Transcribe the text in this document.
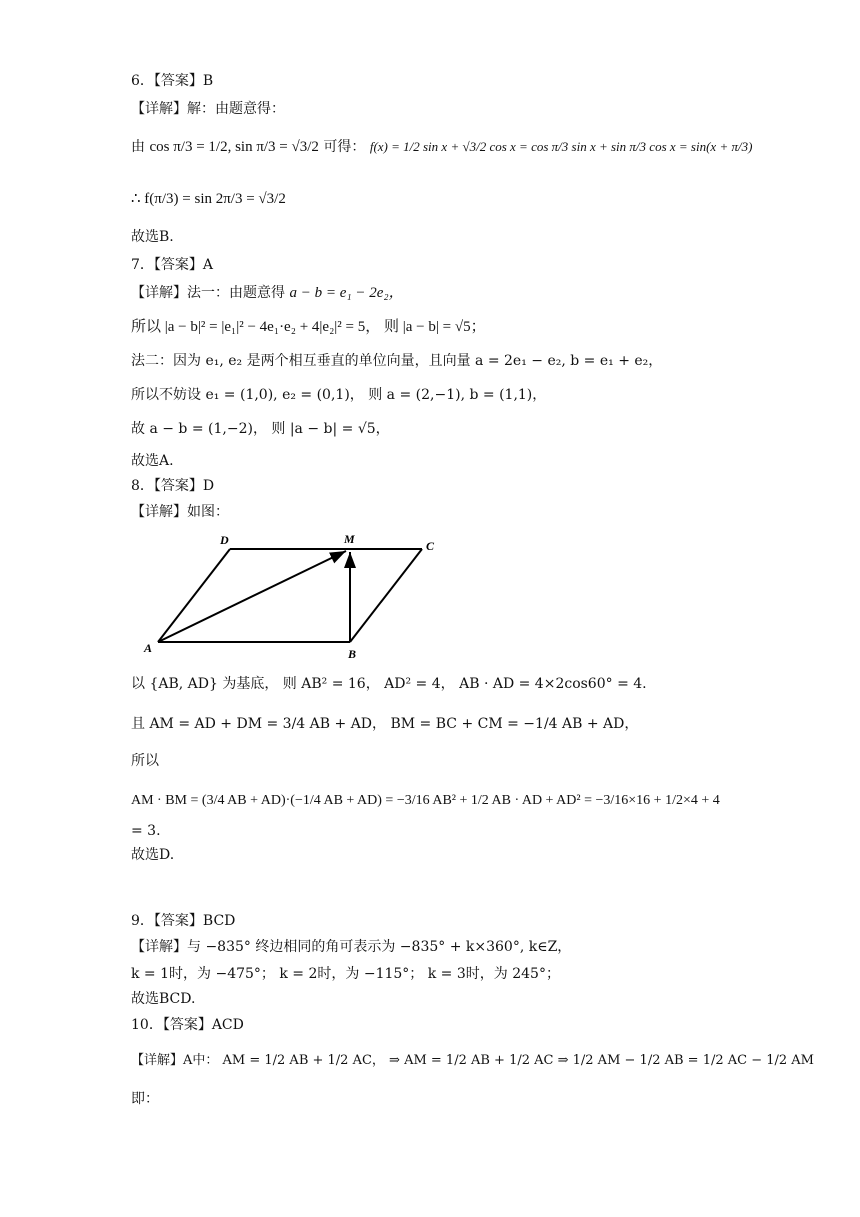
6．【答案】B
【详解】解：由题意得：
由 cos π/3 = 1/2, sin π/3 = √3/2 可得： f(x) = 1/2 sin x + √3/2 cos x = cos π/3 sin x + sin π/3 cos x = sin(x + π/3)
∴ f(π/3) = sin 2π/3 = √3/2
故选B.
7．【答案】A
【详解】法一：由题意得 a − b = e₁ − 2e₂，
所以 |a − b|² = |e₁|² − 4e₁·e₂ + 4|e₂|² = 5， 则 |a − b| = √5；
法二：因为 e₁, e₂ 是两个相互垂直的单位向量，且向量 a = 2e₁ − e₂, b = e₁ + e₂，
所以不妨设 e₁ = (1,0), e₂ = (0,1)， 则 a = (2,−1), b = (1,1)，
故 a − b = (1,−2)， 则 |a − b| = √5，
故选A.
8．【答案】D
【详解】如图：
A	B
C
D	M
以 {AB, AD} 为基底， 则 AB² = 16， AD² = 4， AB · AD = 4×2cos60° = 4.
且 AM = AD + DM = 3/4 AB + AD， BM = BC + CM = −1/4 AB + AD，
所以
AM · BM = (3/4 AB + AD)·(−1/4 AB + AD) = −3/16 AB² + 1/2 AB · AD + AD² = −3/16×16 + 1/2×4 + 4
= 3.
故选D.
9．【答案】BCD
【详解】与 −835° 终边相同的角可表示为 −835° + k×360°, k∈Z，
k = 1时，为 −475°； k = 2时，为 −115°； k = 3时，为 245°；
故选BCD.
10．【答案】ACD
【详解】A中： AM = 1/2 AB + 1/2 AC， ⇒ AM = 1/2 AB + 1/2 AC ⇒ 1/2 AM − 1/2 AB = 1/2 AC − 1/2 AM
即：
